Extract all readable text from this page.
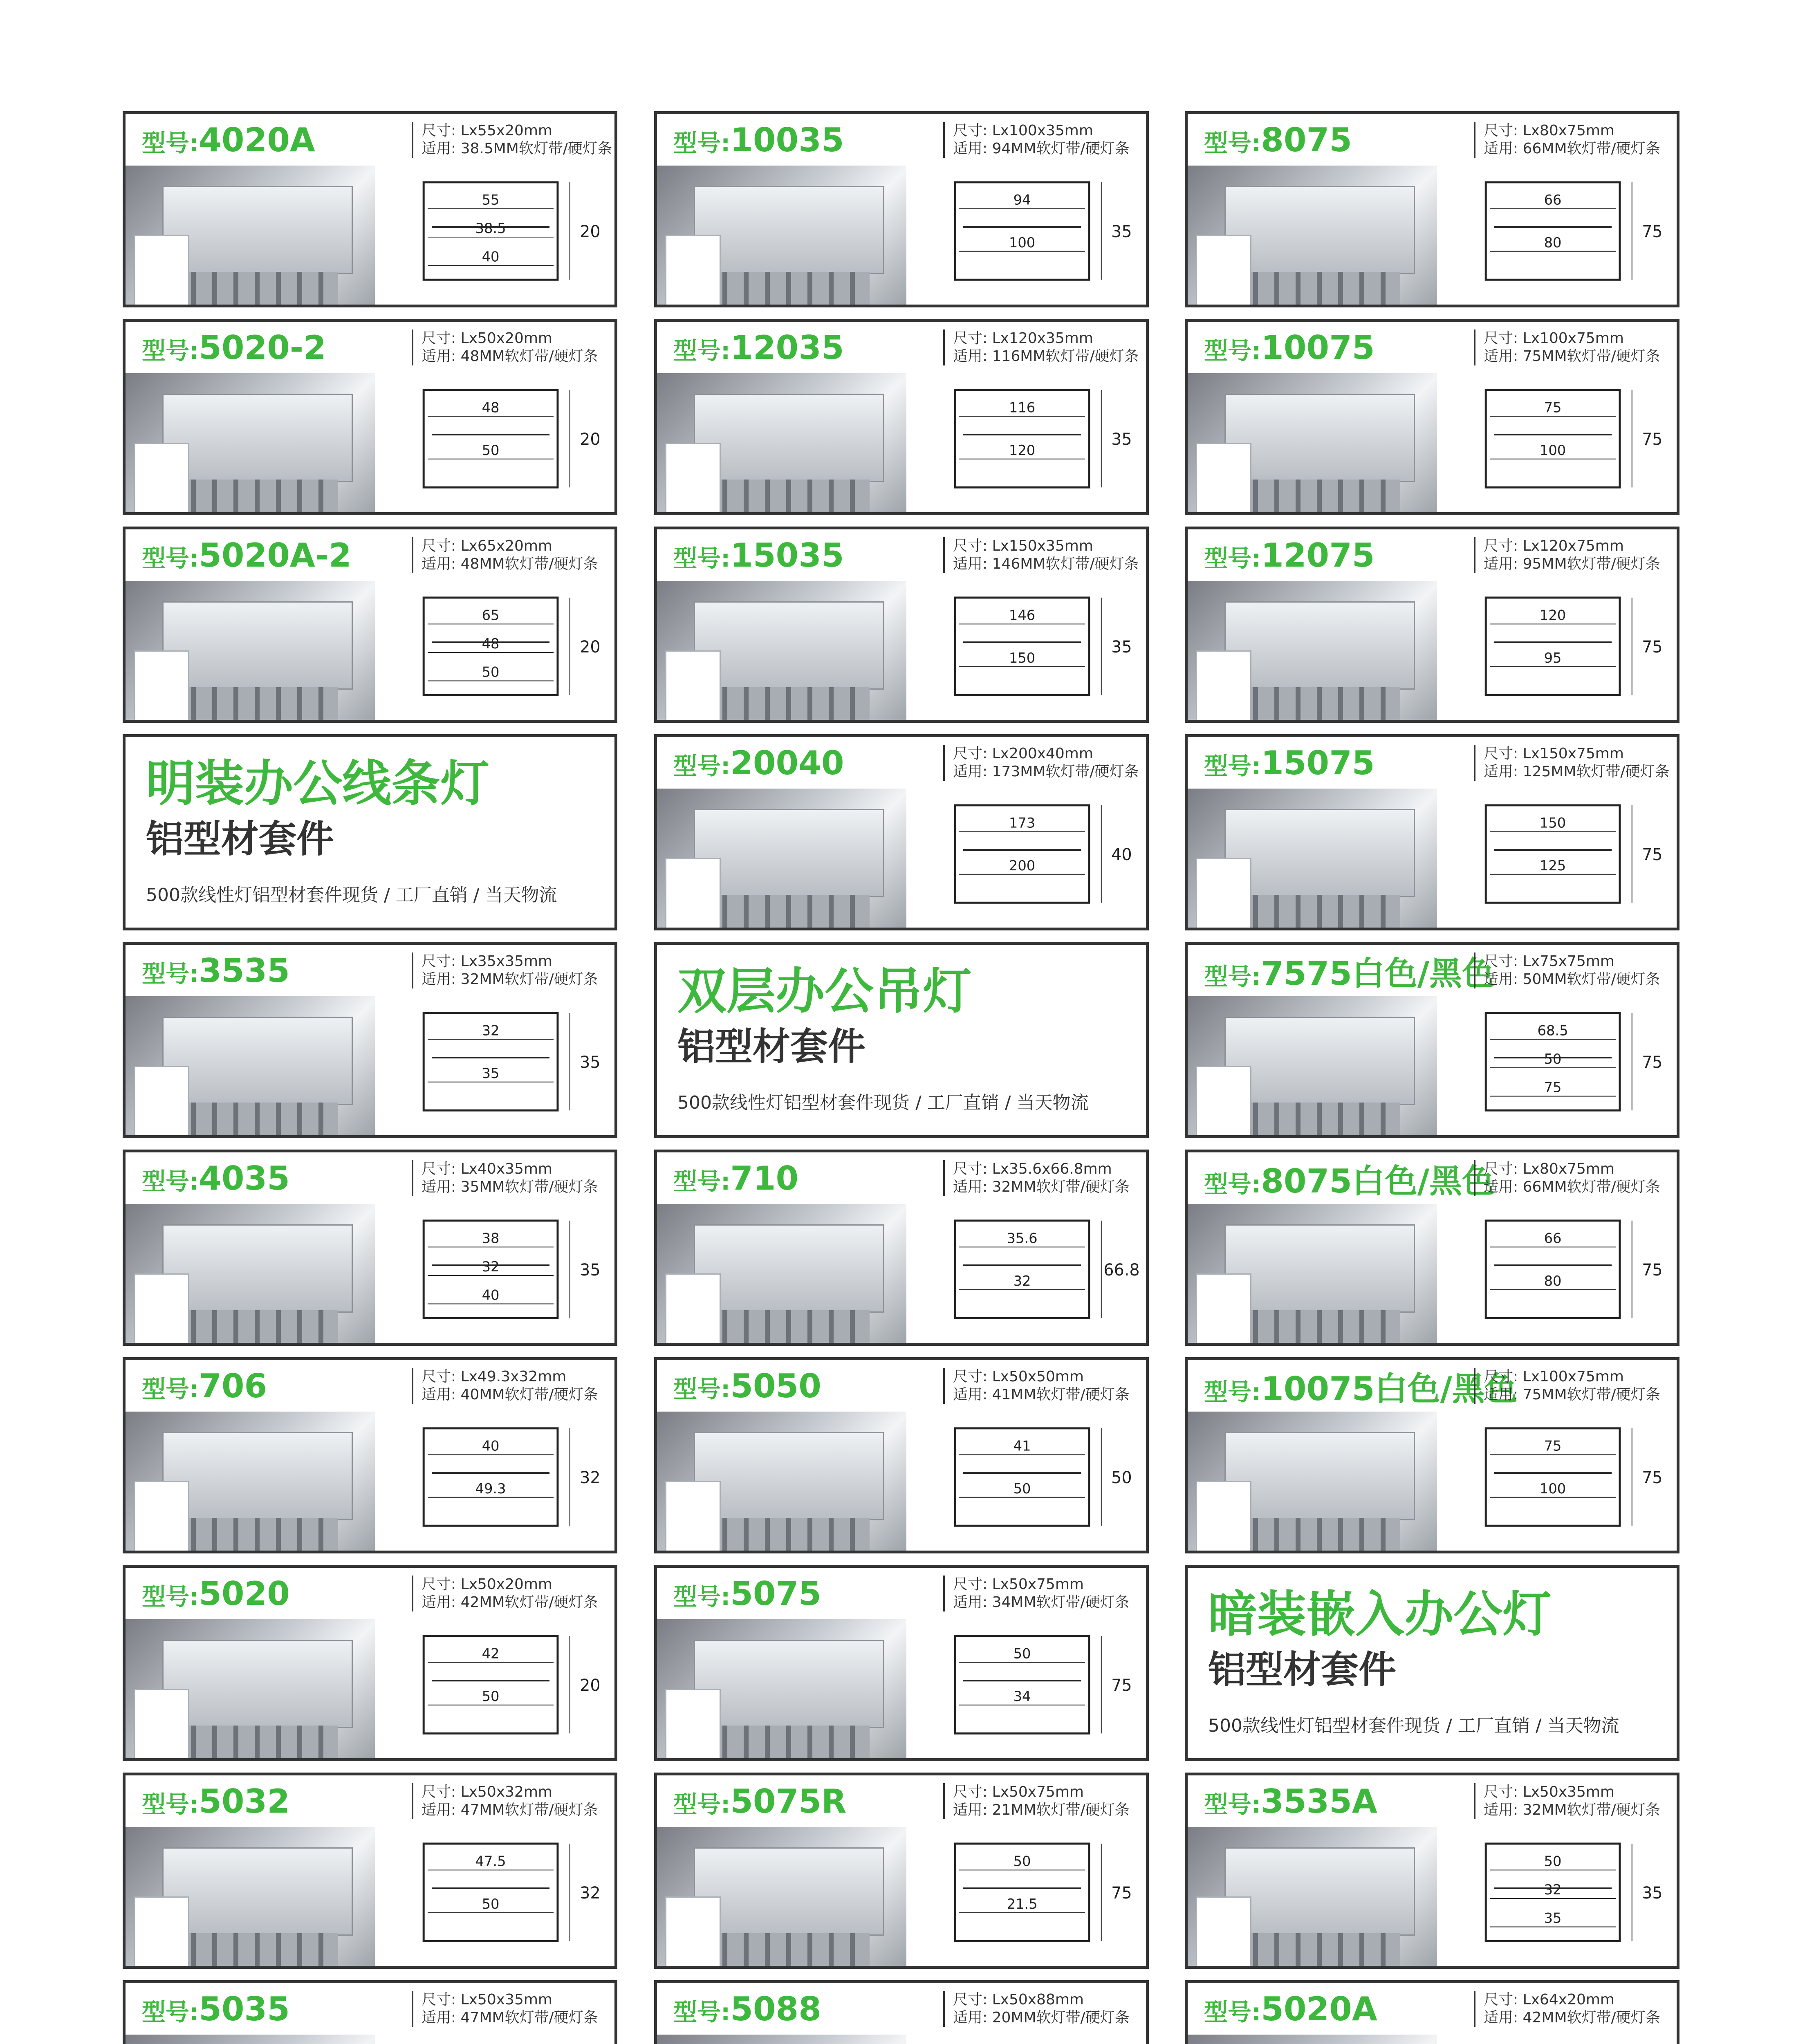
明装办公线条灯
铝型材套件
500款线性灯铝型材套件现货 / 工厂直销 / 当天物流
双层办公吊灯
铝型材套件
500款线性灯铝型材套件现货 / 工厂直销 / 当天物流
暗装嵌入办公灯
铝型材套件
500款线性灯铝型材套件现货 / 工厂直销 / 当天物流
型号:4020A	尺寸: Lx55x20mm
适用: 38.5MM软灯带/硬灯条
55
38.5
40
20
型号:10035	尺寸: Lx100x35mm
适用: 94MM软灯带/硬灯条
94
100
35
型号:8075	尺寸: Lx80x75mm
适用: 66MM软灯带/硬灯条
66
80
75
型号:5020-2	尺寸: Lx50x20mm
适用: 48MM软灯带/硬灯条
48
50
20
型号:12035	尺寸: Lx120x35mm
适用: 116MM软灯带/硬灯条
116
120
35
型号:10075	尺寸: Lx100x75mm
适用: 75MM软灯带/硬灯条
75
100
75
型号:5020A-2	尺寸: Lx65x20mm
适用: 48MM软灯带/硬灯条
65
48
50
20
型号:15035	尺寸: Lx150x35mm
适用: 146MM软灯带/硬灯条
146
150
35
型号:12075	尺寸: Lx120x75mm
适用: 95MM软灯带/硬灯条
120
95
75
型号:20040	尺寸: Lx200x40mm
适用: 173MM软灯带/硬灯条
173
200
40
型号:15075	尺寸: Lx150x75mm
适用: 125MM软灯带/硬灯条
150
125
75
型号:3535	尺寸: Lx35x35mm
适用: 32MM软灯带/硬灯条
32
35
35
型号:7575白色/黑色
尺寸: Lx75x75mm
适用: 50MM软灯带/硬灯条
68.5
50
75
75
型号:4035	尺寸: Lx40x35mm
适用: 35MM软灯带/硬灯条
38
32
40
35
型号:710	尺寸: Lx35.6x66.8mm
适用: 32MM软灯带/硬灯条
35.6
32
66.8
型号:8075白色/黑色
尺寸: Lx80x75mm
适用: 66MM软灯带/硬灯条
66
80
75
型号:706	尺寸: Lx49.3x32mm
适用: 40MM软灯带/硬灯条
40
49.3
32
型号:5050	尺寸: Lx50x50mm
适用: 41MM软灯带/硬灯条
41
50
50
型号:10075白色/黑色
尺寸: Lx100x75mm
适用: 75MM软灯带/硬灯条
75
100
75
型号:5020	尺寸: Lx50x20mm
适用: 42MM软灯带/硬灯条
42
50
20
型号:5075	尺寸: Lx50x75mm
适用: 34MM软灯带/硬灯条
50
34
75
型号:5032	尺寸: Lx50x32mm
适用: 47MM软灯带/硬灯条
47.5
50
32
型号:5075R	尺寸: Lx50x75mm
适用: 21MM软灯带/硬灯条
50
21.5
75
型号:3535A	尺寸: Lx50x35mm
适用: 32MM软灯带/硬灯条
50
32
35
35
型号:5035	尺寸: Lx50x35mm
适用: 47MM软灯带/硬灯条	型号:5088	尺寸: Lx50x88mm
适用: 20MM软灯带/硬灯条	型号:5020A	尺寸: Lx64x20mm
适用: 42MM软灯带/硬灯条
